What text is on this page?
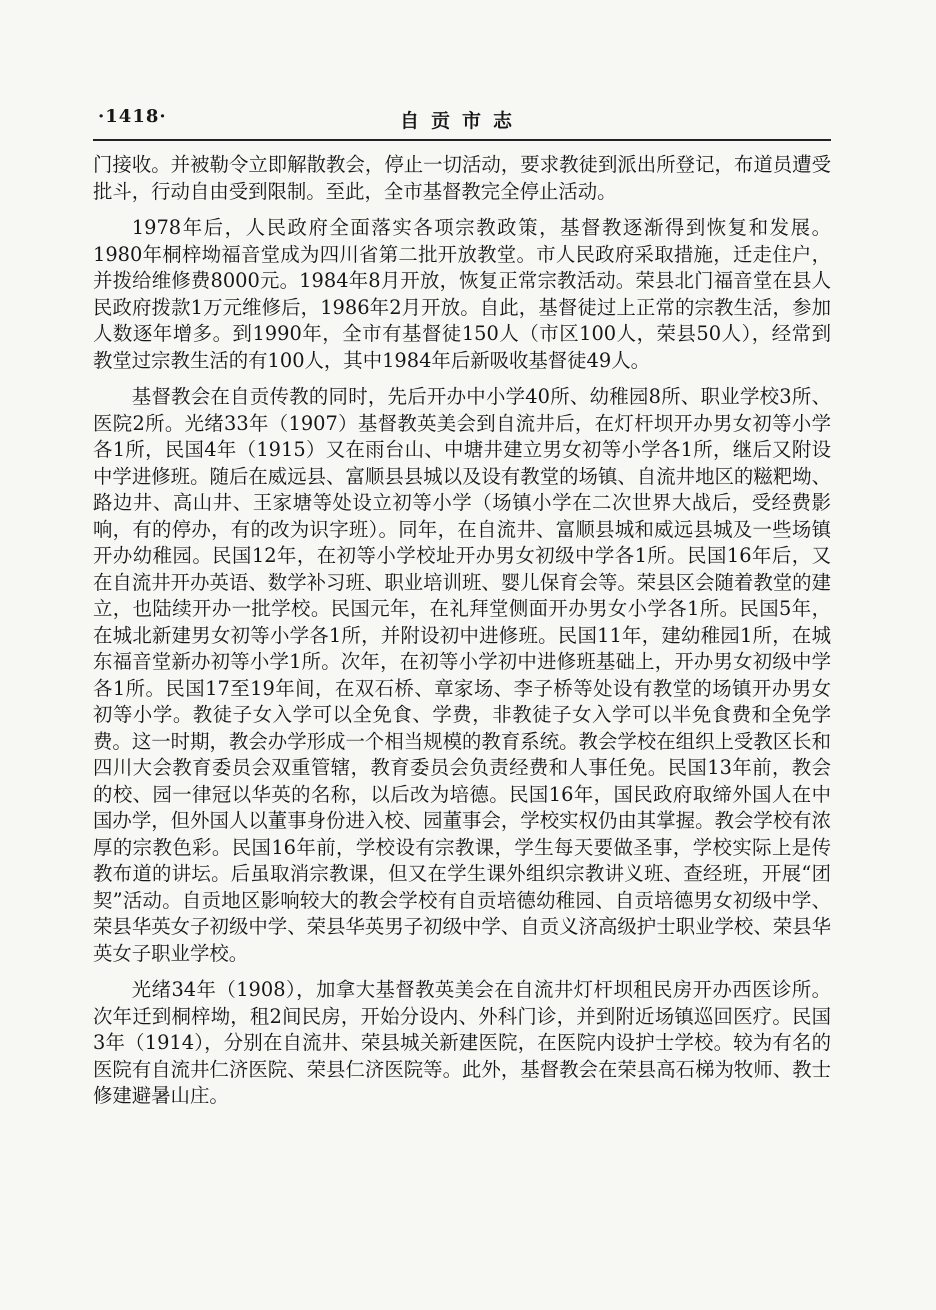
·1418·	自贡市志

门接收。并被勒令立即解散教会，停止一切活动，要求教徒到派出所登记，布道员遭受批斗，行动自由受到限制。至此，全市基督教完全停止活动。

1978年后，人民政府全面落实各项宗教政策，基督教逐渐得到恢复和发展。1980年桐梓坳福音堂成为四川省第二批开放教堂。市人民政府采取措施，迁走住户，并拨给维修费8000元。1984年8月开放，恢复正常宗教活动。荣县北门福音堂在县人民政府拨款1万元维修后，1986年2月开放。自此，基督徒过上正常的宗教生活，参加人数逐年增多。到1990年，全市有基督徒150人（市区100人，荣县50人），经常到教堂过宗教生活的有100人，其中1984年后新吸收基督徒49人。

基督教会在自贡传教的同时，先后开办中小学40所、幼稚园8所、职业学校3所、医院2所。光绪33年（1907）基督教英美会到自流井后，在灯杆坝开办男女初等小学各1所，民国4年（1915）又在雨台山、中塘井建立男女初等小学各1所，继后又附设中学进修班。随后在威远县、富顺县县城以及设有教堂的场镇、自流井地区的糍粑坳、路边井、高山井、王家塘等处设立初等小学（场镇小学在二次世界大战后，受经费影响，有的停办，有的改为识字班）。同年，在自流井、富顺县城和威远县城及一些场镇开办幼稚园。民国12年，在初等小学校址开办男女初级中学各1所。民国16年后，又在自流井开办英语、数学补习班、职业培训班、婴儿保育会等。荣县区会随着教堂的建立，也陆续开办一批学校。民国元年，在礼拜堂侧面开办男女小学各1所。民国5年，在城北新建男女初等小学各1所，并附设初中进修班。民国11年，建幼稚园1所，在城东福音堂新办初等小学1所。次年，在初等小学初中进修班基础上，开办男女初级中学各1所。民国17至19年间，在双石桥、章家场、李子桥等处设有教堂的场镇开办男女初等小学。教徒子女入学可以全免食、学费，非教徒子女入学可以半免食费和全免学费。这一时期，教会办学形成一个相当规模的教育系统。教会学校在组织上受教区长和四川大会教育委员会双重管辖，教育委员会负责经费和人事任免。民国13年前，教会的校、园一律冠以华英的名称，以后改为培德。民国16年，国民政府取缔外国人在中国办学，但外国人以董事身份进入校、园董事会，学校实权仍由其掌握。教会学校有浓厚的宗教色彩。民国16年前，学校设有宗教课，学生每天要做圣事，学校实际上是传教布道的讲坛。后虽取消宗教课，但又在学生课外组织宗教讲义班、查经班，开展“团契”活动。自贡地区影响较大的教会学校有自贡培德幼稚园、自贡培德男女初级中学、荣县华英女子初级中学、荣县华英男子初级中学、自贡义济高级护士职业学校、荣县华英女子职业学校。

光绪34年（1908），加拿大基督教英美会在自流井灯杆坝租民房开办西医诊所。次年迁到桐梓坳，租2间民房，开始分设内、外科门诊，并到附近场镇巡回医疗。民国3年（1914），分别在自流井、荣县城关新建医院，在医院内设护士学校。较为有名的医院有自流井仁济医院、荣县仁济医院等。此外，基督教会在荣县高石梯为牧师、教士修建避暑山庄。
